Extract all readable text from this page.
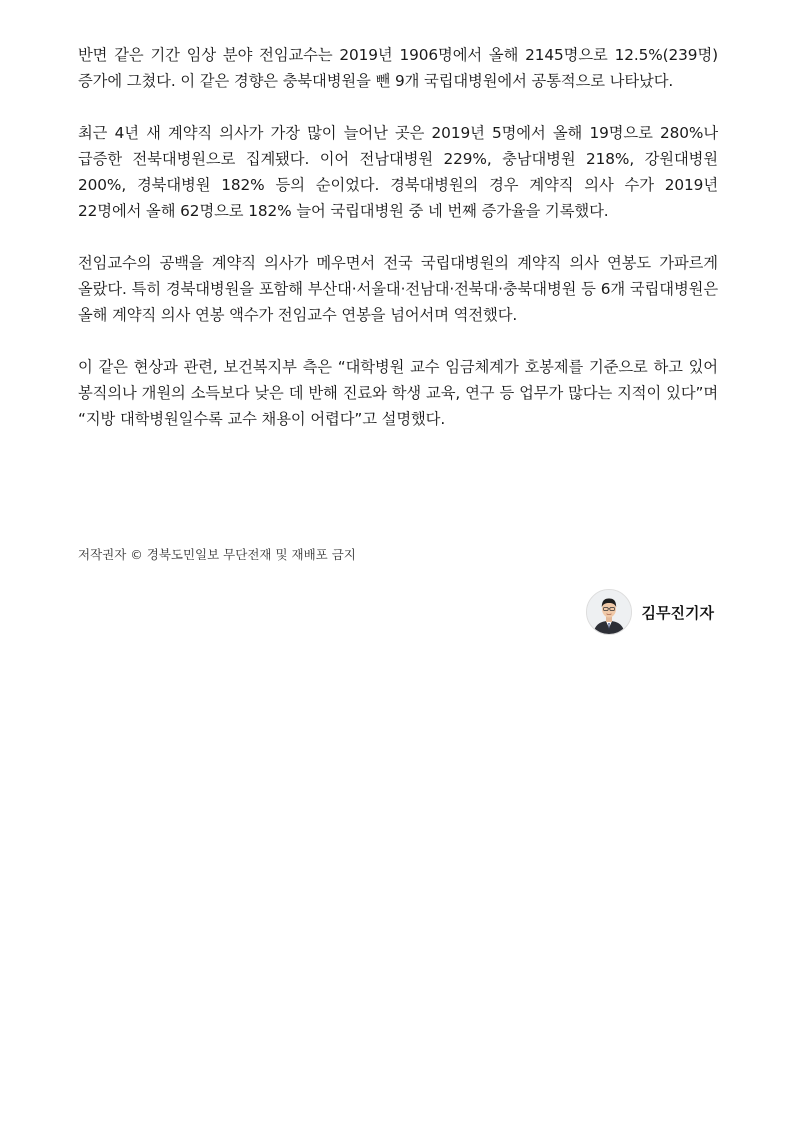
반면 같은 기간 임상 분야 전임교수는 2019년 1906명에서 올해 2145명으로 12.5%(239명) 증가에 그쳤다. 이 같은 경향은 충북대병원을 뺀 9개 국립대병원에서 공통적으로 나타났다.

최근 4년 새 계약직 의사가 가장 많이 늘어난 곳은 2019년 5명에서 올해 19명으로 280%나 급증한 전북대병원으로 집계됐다. 이어 전남대병원 229%, 충남대병원 218%, 강원대병원 200%, 경북대병원 182% 등의 순이었다. 경북대병원의 경우 계약직 의사 수가 2019년 22명에서 올해 62명으로 182% 늘어 국립대병원 중 네 번째 증가율을 기록했다.

전임교수의 공백을 계약직 의사가 메우면서 전국 국립대병원의 계약직 의사 연봉도 가파르게 올랐다. 특히 경북대병원을 포함해 부산대·서울대·전남대·전북대·충북대병원 등 6개 국립대병원은 올해 계약직 의사 연봉 액수가 전임교수 연봉을 넘어서며 역전했다.

이 같은 현상과 관련, 보건복지부 측은 “대학병원 교수 임금체계가 호봉제를 기준으로 하고 있어 봉직의나 개원의 소득보다 낮은 데 반해 진료와 학생 교육, 연구 등 업무가 많다는 지적이 있다”며 “지방 대학병원일수록 교수 채용이 어렵다”고 설명했다.

저작권자 © 경북도민일보 무단전재 및 재배포 금지
김무진기자
